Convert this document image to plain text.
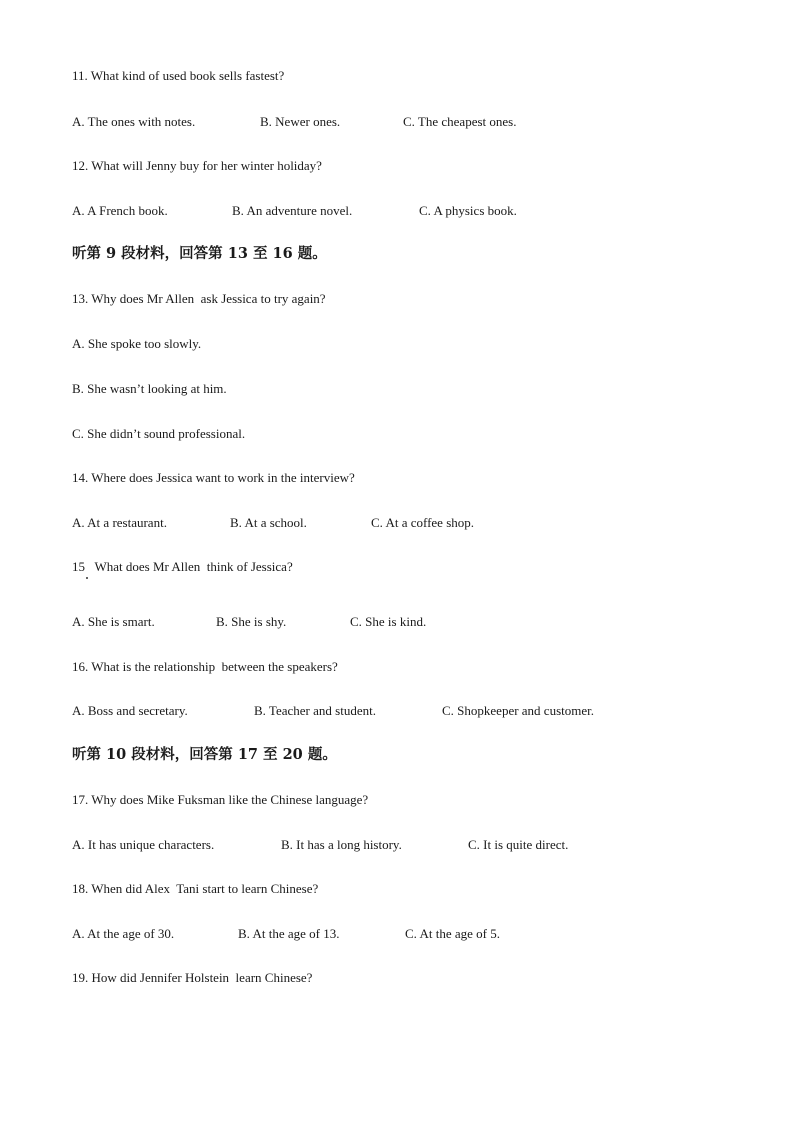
11. What kind of used book sells fastest?
A. The ones with notes.	B. Newer ones.	C. The cheapest ones.
12. What will Jenny buy for her winter holiday?
A. A French book.	B. An adventure novel.	C. A physics book.
听第 9 段材料，回答第 13 至 16 题。
13. Why does Mr Allen  ask Jessica to try again?
A. She spoke too slowly.
B. She wasn’t looking at him.
C. She didn’t sound professional.
14. Where does Jessica want to work in the interview?
A. At a restaurant.	B. At a school.	C. At a coffee shop.
15   What does Mr Allen  think of Jessica?
A. She is smart.	B. She is shy.	C. She is kind.
16. What is the relationship  between the speakers?
A. Boss and secretary.	B. Teacher and student.	C. Shopkeeper and customer.
听第 10 段材料，回答第 17 至 20 题。
17. Why does Mike Fuksman like the Chinese language?
A. It has unique characters.	B. It has a long history.	C. It is quite direct.
18. When did Alex  Tani start to learn Chinese?
A. At the age of 30.	B. At the age of 13.	C. At the age of 5.
19. How did Jennifer Holstein  learn Chinese?
